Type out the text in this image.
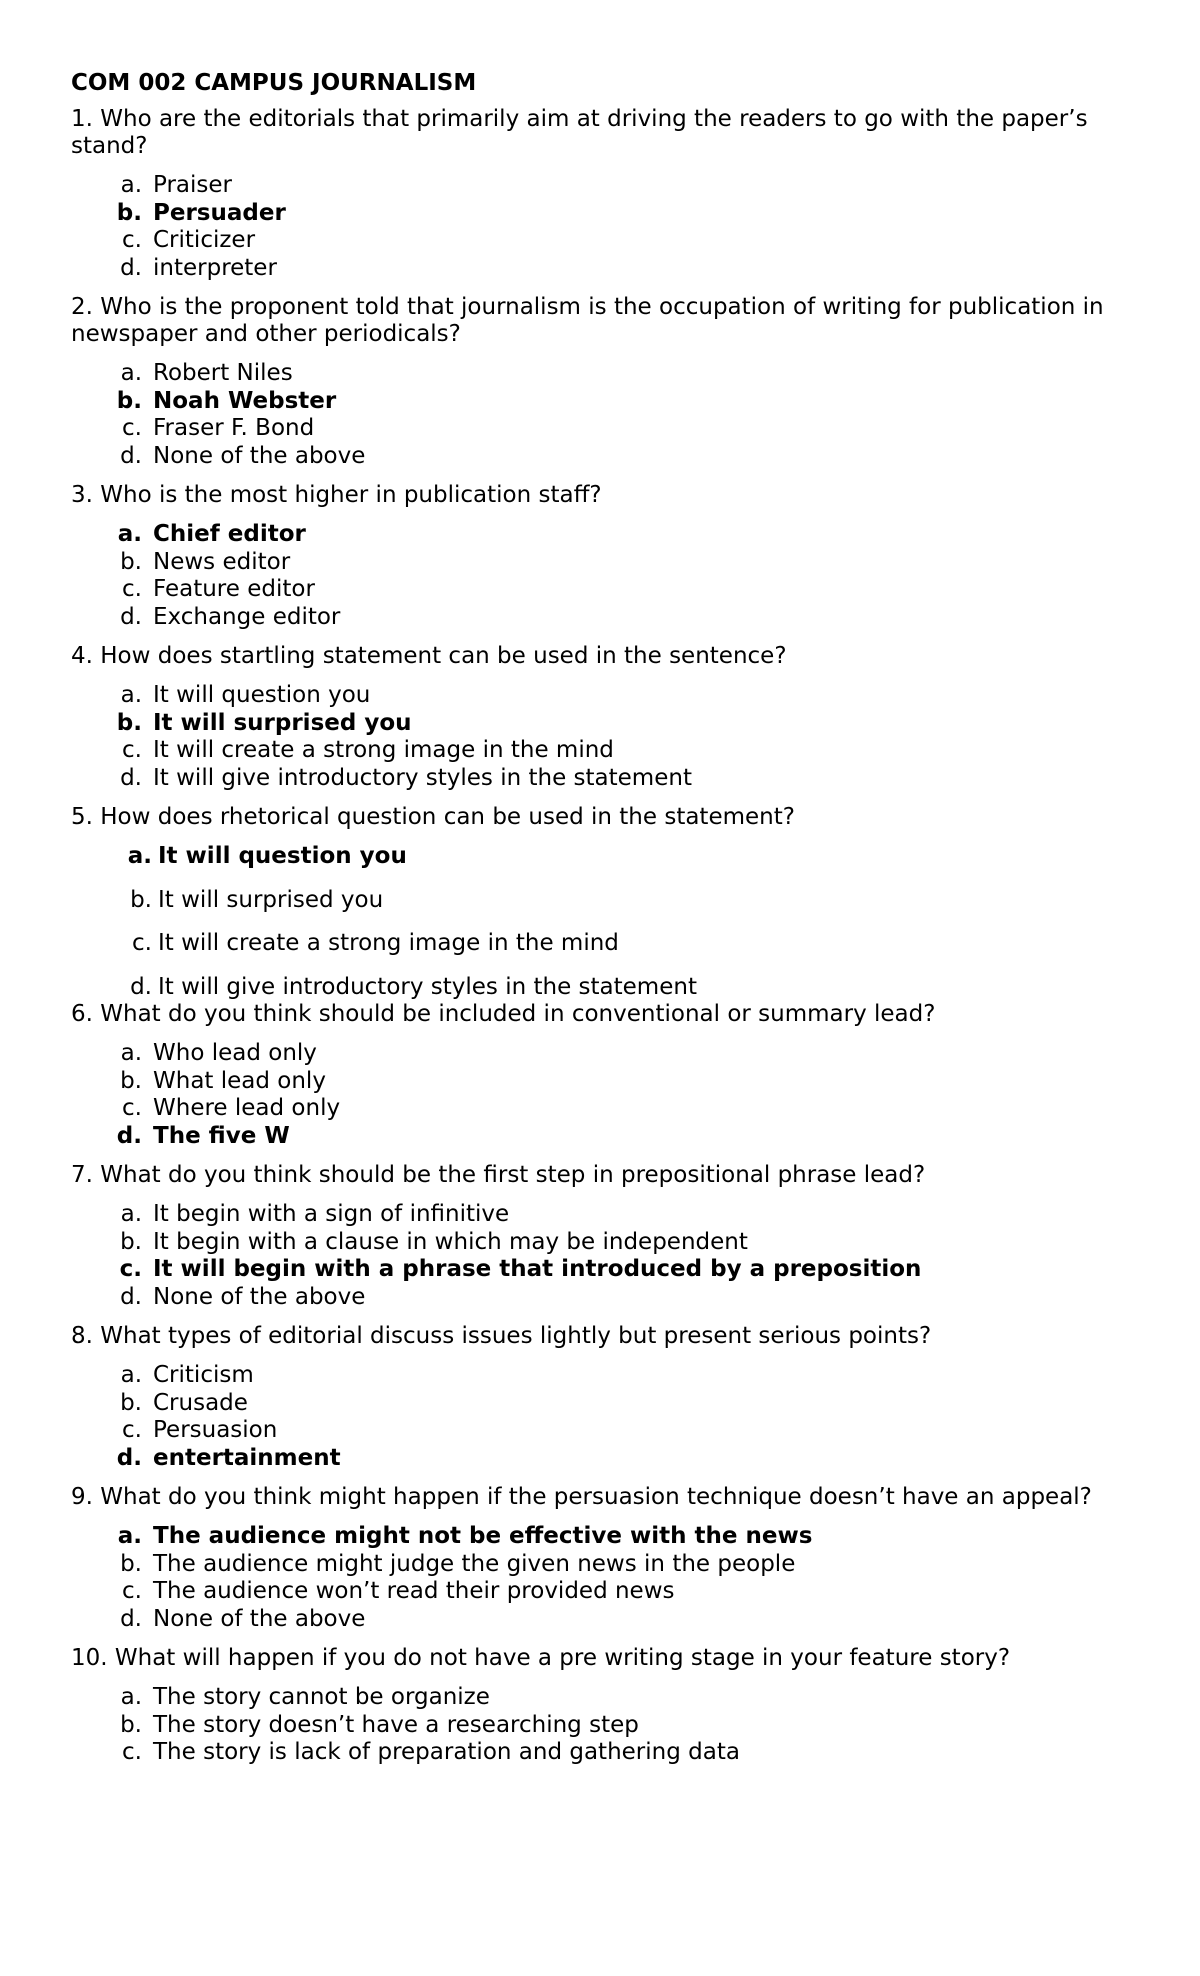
COM 002 CAMPUS JOURNALISM
1. Who are the editorials that primarily aim at driving the readers to go with the paper’s stand?
a. Praiser
b. Persuader
c. Criticizer
d. interpreter
2. Who is the proponent told that journalism is the occupation of writing for publication in newspaper and other periodicals?
a. Robert Niles
b. Noah Webster
c. Fraser F. Bond
d. None of the above
3. Who is the most higher in publication staff?
a. Chief editor
b. News editor
c. Feature editor
d. Exchange editor
4. How does startling statement can be used in the sentence?
a. It will question you
b. It will surprised you
c. It will create a strong image in the mind
d. It will give introductory styles in the statement
5. How does rhetorical question can be used in the statement?
a. It will question you
b. It will surprised you
c. It will create a strong image in the mind
d. It will give introductory styles in the statement
6. What do you think should be included in conventional or summary lead?
a. Who lead only
b. What lead only
c. Where lead only
d. The five W
7. What do you think should be the first step in prepositional phrase lead?
a. It begin with a sign of infinitive
b. It begin with a clause in which may be independent
c. It will begin with a phrase that introduced by a preposition
d. None of the above
8. What types of editorial discuss issues lightly but present serious points?
a. Criticism
b. Crusade
c. Persuasion
d. entertainment
9. What do you think might happen if the persuasion technique doesn’t have an appeal?
a. The audience might not be effective with the news
b. The audience might judge the given news in the people
c. The audience won’t read their provided news
d. None of the above
10. What will happen if you do not have a pre writing stage in your feature story?
a. The story cannot be organize
b. The story doesn’t have a researching step
c. The story is lack of preparation and gathering data
